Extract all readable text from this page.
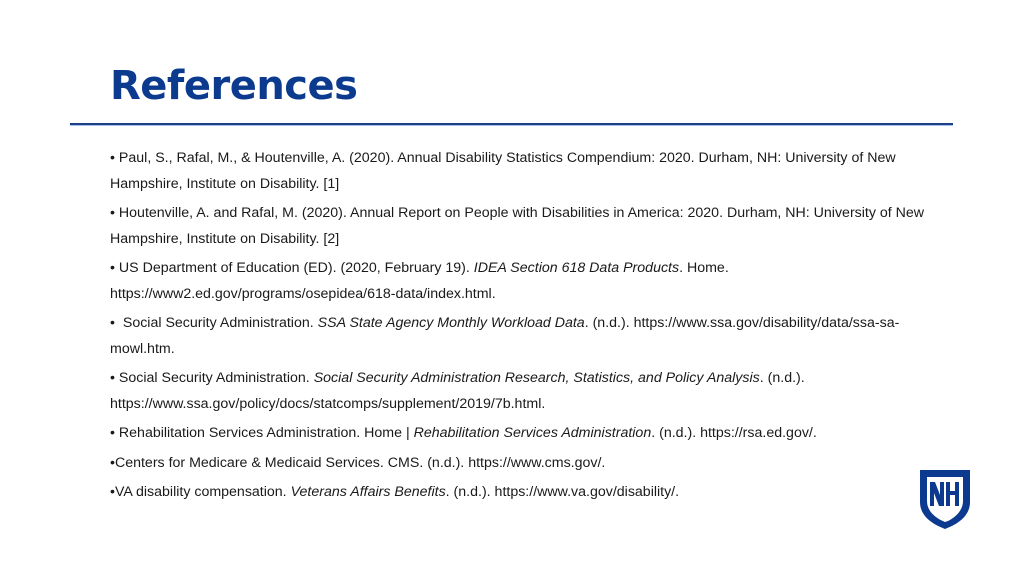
References
• Paul, S., Rafal, M., & Houtenville, A. (2020). Annual Disability Statistics Compendium: 2020. Durham, NH: University of New Hampshire, Institute on Disability. [1]
• Houtenville, A. and Rafal, M. (2020). Annual Report on People with Disabilities in America: 2020. Durham, NH: University of New Hampshire, Institute on Disability. [2]
• US Department of Education (ED). (2020, February 19). IDEA Section 618 Data Products. Home. https://www2.ed.gov/programs/osepidea/618-data/index.html.
•  Social Security Administration. SSA State Agency Monthly Workload Data. (n.d.). https://www.ssa.gov/disability/data/ssa-sa-mowl.htm.
• Social Security Administration. Social Security Administration Research, Statistics, and Policy Analysis. (n.d.). https://www.ssa.gov/policy/docs/statcomps/supplement/2019/7b.html.
• Rehabilitation Services Administration. Home | Rehabilitation Services Administration. (n.d.). https://rsa.ed.gov/.
•Centers for Medicare & Medicaid Services. CMS. (n.d.). https://www.cms.gov/.
•VA disability compensation. Veterans Affairs Benefits. (n.d.). https://www.va.gov/disability/.
